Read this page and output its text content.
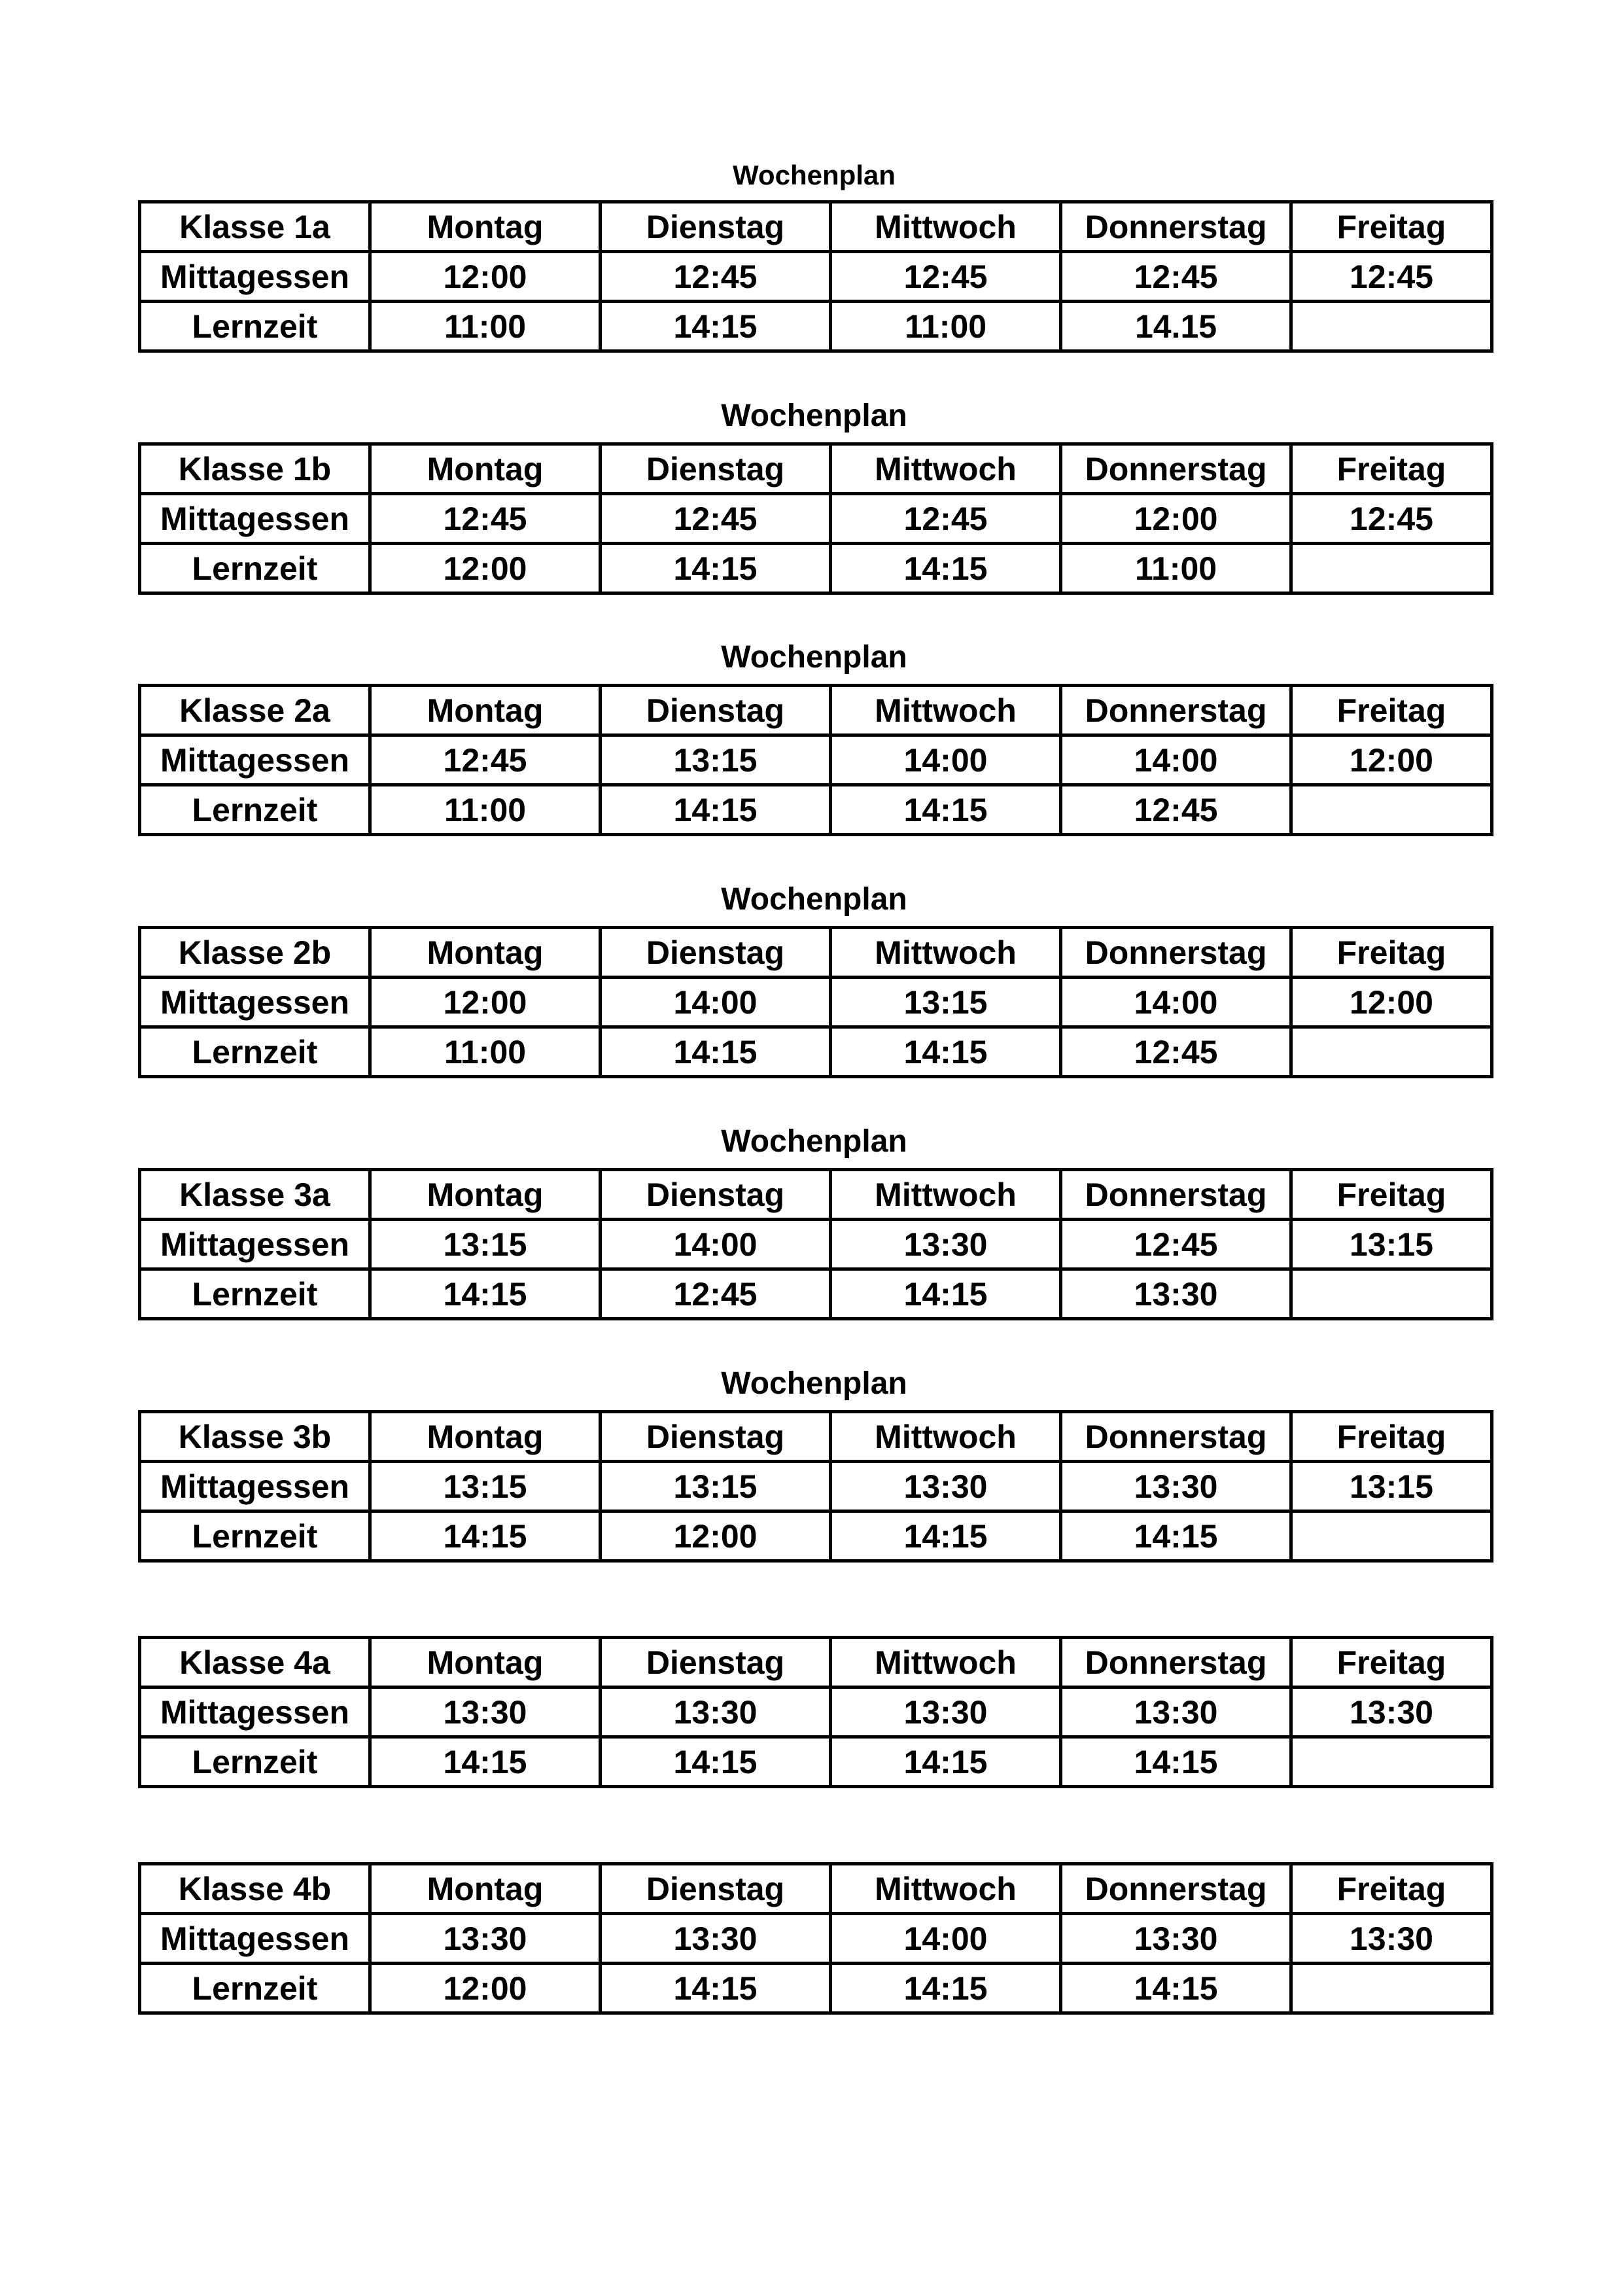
Wochenplan
Klasse 1a	Montag	Dienstag	Mittwoch	Donnerstag	Freitag
Mittagessen	12:00	12:45	12:45	12:45	12:45
Lernzeit	11:00	14:15	11:00	14.15	
Wochenplan
Klasse 1b	Montag	Dienstag	Mittwoch	Donnerstag	Freitag
Mittagessen	12:45	12:45	12:45	12:00	12:45
Lernzeit	12:00	14:15	14:15	11:00	
Wochenplan
Klasse 2a	Montag	Dienstag	Mittwoch	Donnerstag	Freitag
Mittagessen	12:45	13:15	14:00	14:00	12:00
Lernzeit	11:00	14:15	14:15	12:45	
Wochenplan
Klasse 2b	Montag	Dienstag	Mittwoch	Donnerstag	Freitag
Mittagessen	12:00	14:00	13:15	14:00	12:00
Lernzeit	11:00	14:15	14:15	12:45	
Wochenplan
Klasse 3a	Montag	Dienstag	Mittwoch	Donnerstag	Freitag
Mittagessen	13:15	14:00	13:30	12:45	13:15
Lernzeit	14:15	12:45	14:15	13:30	
Wochenplan
Klasse 3b	Montag	Dienstag	Mittwoch	Donnerstag	Freitag
Mittagessen	13:15	13:15	13:30	13:30	13:15
Lernzeit	14:15	12:00	14:15	14:15	
Klasse 4a	Montag	Dienstag	Mittwoch	Donnerstag	Freitag
Mittagessen	13:30	13:30	13:30	13:30	13:30
Lernzeit	14:15	14:15	14:15	14:15	
Klasse 4b	Montag	Dienstag	Mittwoch	Donnerstag	Freitag
Mittagessen	13:30	13:30	14:00	13:30	13:30
Lernzeit	12:00	14:15	14:15	14:15	
